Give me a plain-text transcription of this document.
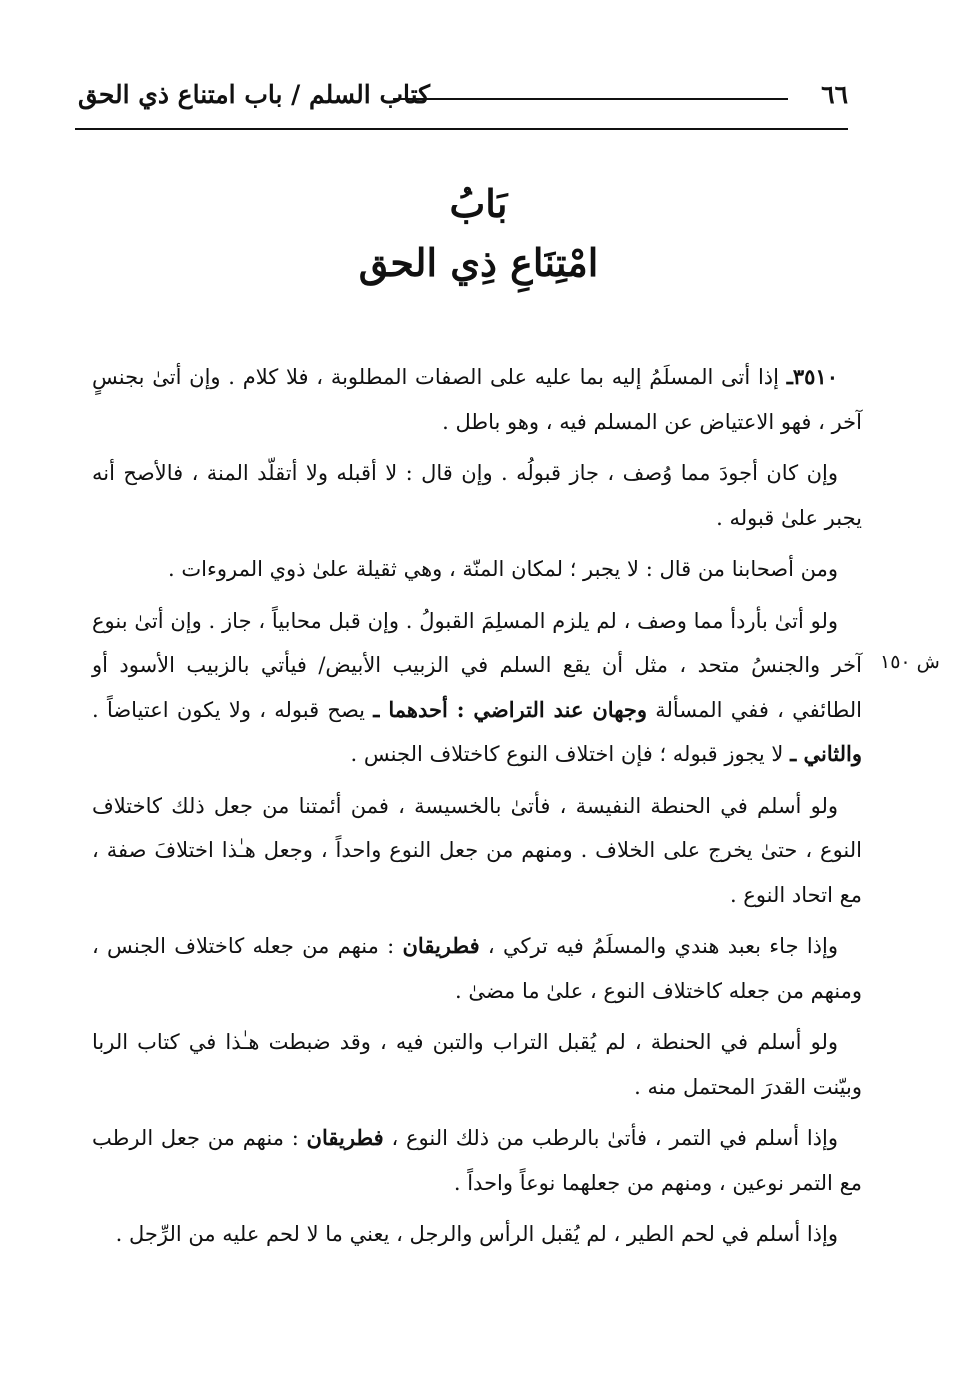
كتاب السلم / باب امتناع ذي الحق	٦٦
بَابُ
امْتِنَاعِ ذِي الحق
ش ١٥٠

٣٥١٠ـ إذا أتى المسلَمُ إليه بما عليه على الصفات المطلوبة ، فلا كلام . وإن أتىٰ بجنسٍ آخر ، فهو الاعتياض عن المسلم فيه ، وهو باطل .

وإن كان أجودَ مما وُصف ، جاز قبولُه . وإن قال : لا أقبله ولا أتقلّد المنة ، فالأصح أنه يجبر علىٰ قبوله .

ومن أصحابنا من قال : لا يجبر ؛ لمكان المنّة ، وهي ثقيلة علىٰ ذوي المروءات .

ولو أتىٰ بأردأ مما وصف ، لم يلزم المسلِمَ القبولُ . وإن قبل محابياً ، جاز . وإن أتىٰ بنوع آخر والجنسُ متحد ، مثل أن يقع السلم في الزبيب الأبيض/ فيأتي بالزبيب الأسود أو الطائفي ، ففي المسألة وجهان عند التراضي : أحدهما ـ يصح قبوله ، ولا يكون اعتياضاً . والثاني ـ لا يجوز قبوله ؛ فإن اختلاف النوع كاختلاف الجنس .

ولو أسلم في الحنطة النفيسة ، فأتىٰ بالخسيسة ، فمن أئمتنا من جعل ذلك كاختلاف النوع ، حتىٰ يخرج على الخلاف . ومنهم من جعل النوع واحداً ، وجعل هـٰذا اختلافَ صفة ، مع اتحاد النوع .

وإذا جاء بعبد هندي والمسلَمُ فيه تركي ، فطريقان : منهم من جعله كاختلاف الجنس ، ومنهم من جعله كاختلاف النوع ، علىٰ ما مضىٰ .

ولو أسلم في الحنطة ، لم يُقبل التراب والتبن فيه ، وقد ضبطت هـٰذا في كتاب الربا وبيّنت القدرَ المحتمل منه .

وإذا أسلم في التمر ، فأتىٰ بالرطب من ذلك النوع ، فطريقان : منهم من جعل الرطب مع التمر نوعين ، ومنهم من جعلهما نوعاً واحداً .

وإذا أسلم في لحم الطير ، لم يُقبل الرأس والرجل ، يعني ما لا لحم عليه من الرِّجل .
